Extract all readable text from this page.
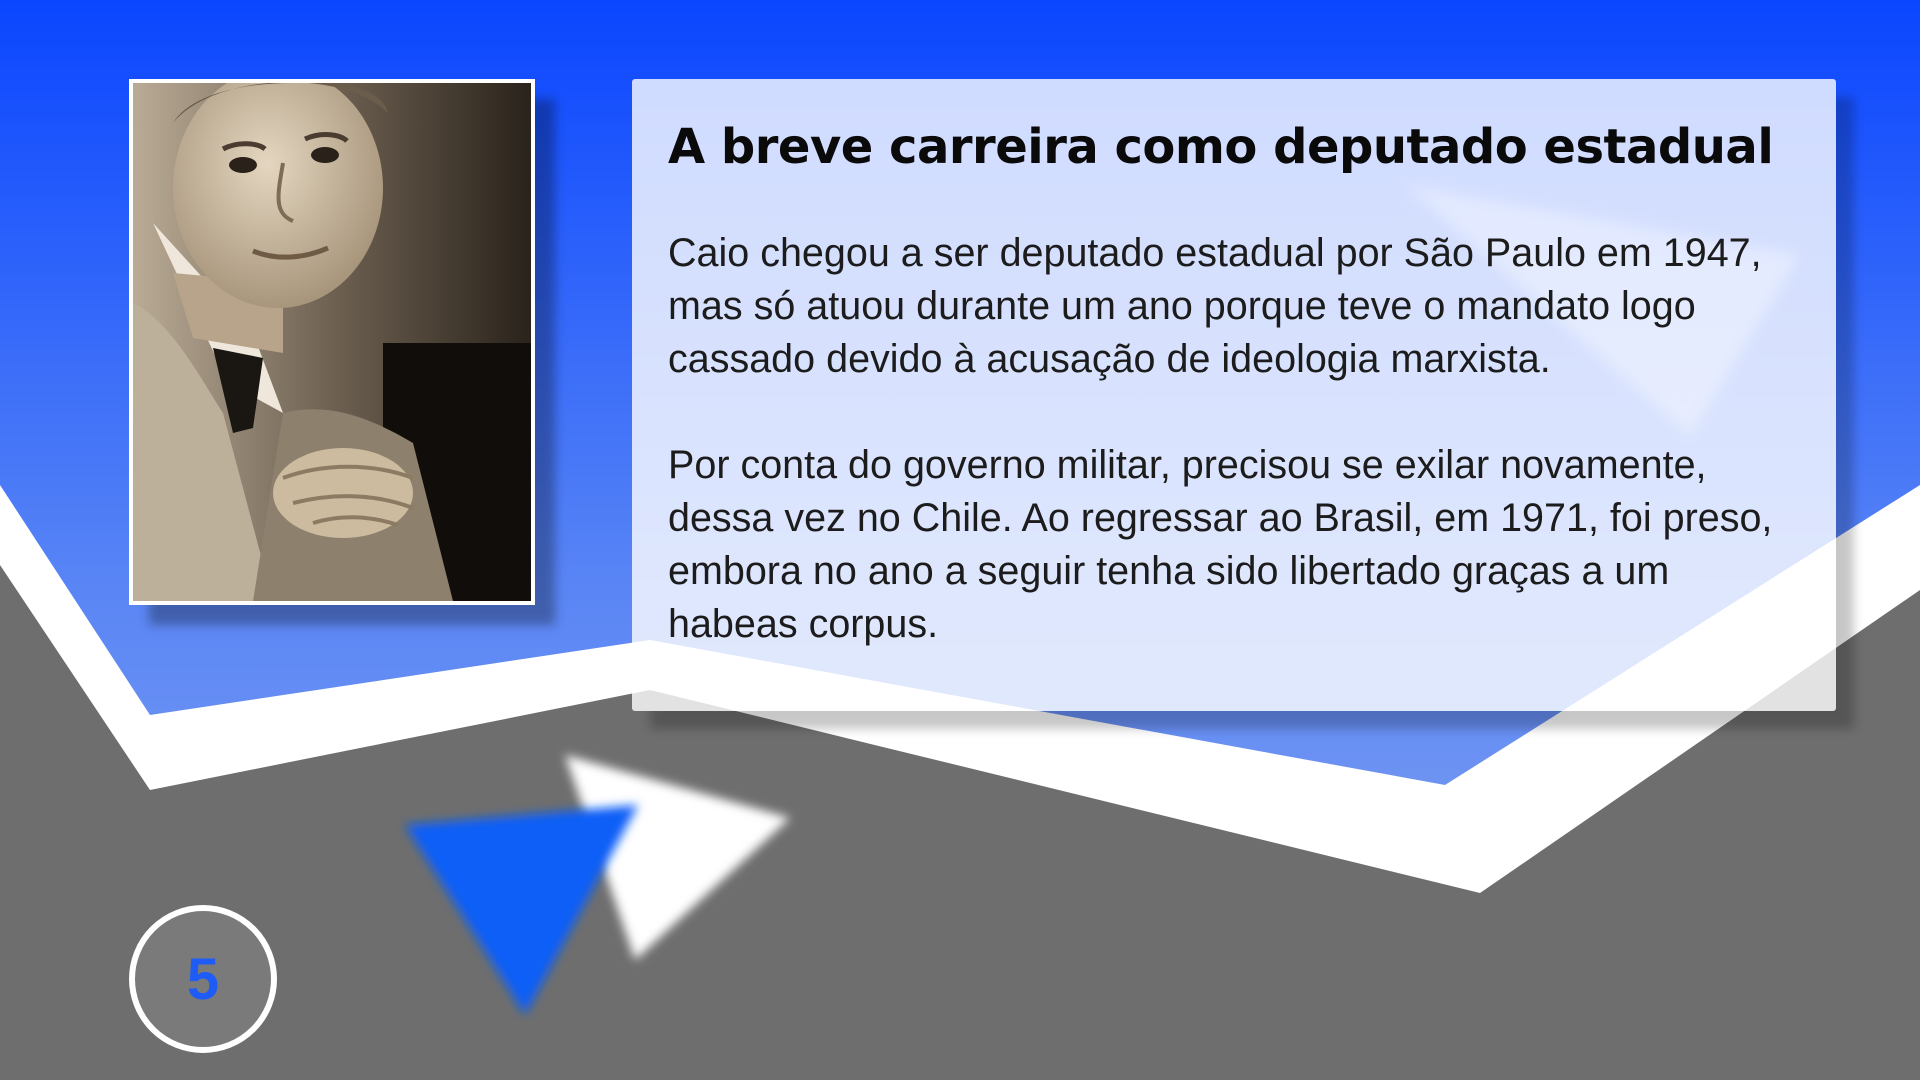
A breve carreira como deputado estadual

Caio chegou a ser deputado estadual por São Paulo em 1947, mas só atuou durante um ano porque teve o mandato logo cassado devido à acusação de ideologia marxista.

Por conta do governo militar, precisou se exilar novamente, dessa vez no Chile. Ao regressar ao Brasil, em 1971, foi preso, embora no ano a seguir tenha sido libertado graças a um habeas corpus.

5
